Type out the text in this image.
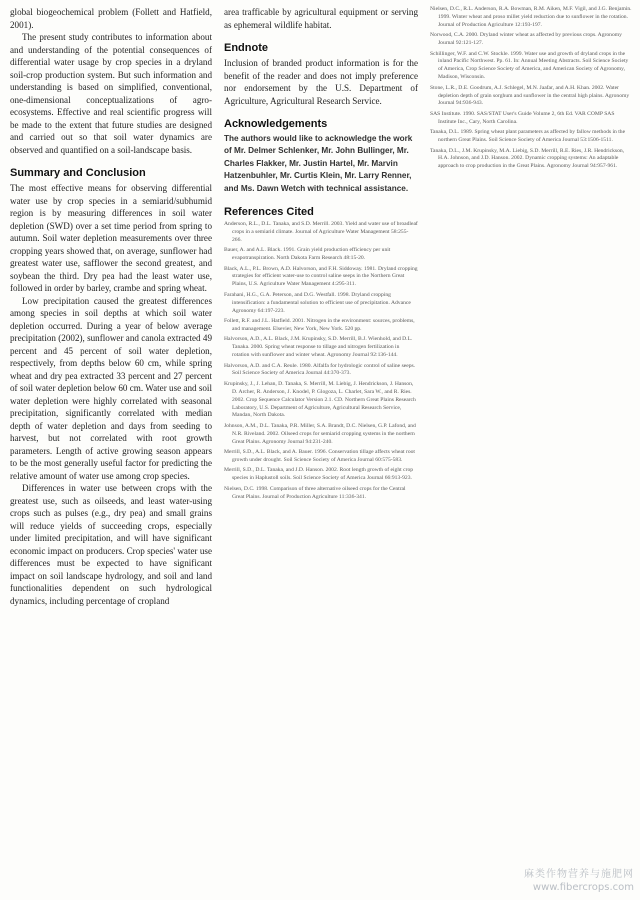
global biogeochemical problem (Follett and Hatfield, 2001).

The present study contributes to information about and understanding of the potential consequences of differential water usage by crop species in a dryland soil-crop production system. But such information and understanding is based on simplified, conventional, one-dimensional conceptualizations of agro-ecosystems. Effective and real scientific progress will be made to the extent that future studies are designed and carried out so that soil water dynamics are observed and quantified on a soil-landscape basis.

Summary and Conclusion

The most effective means for observing differential water use by crop species in a semiarid/subhumid region is by measuring differences in soil water depletion (SWD) over a set time period from spring to autumn. Soil water depletion measurements over three cropping years showed that, on average, sunflower had greatest water use, safflower the second greatest, and soybean the third. Dry pea had the least water use, followed in order by barley, crambe and spring wheat.

Low precipitation caused the greatest differences among species in soil depths at which soil water depletion occurred. During a year of below average precipitation (2002), sunflower and canola extracted 49 percent and 45 percent of soil water depletion, respectively, from depths below 60 cm, while spring wheat and dry pea extracted 33 percent and 27 percent of soil water depletion below 60 cm. Water use and soil water depletion were highly correlated with seasonal precipitation, significantly correlated with median depth of water depletion and days from seeding to harvest, but not correlated with root growth parameters. Length of active growing season appears to be the most generally useful factor for predicting the relative amount of water use among crop species.

Differences in water use between crops with the greatest use, such as oilseeds, and least water-using crops such as pulses (e.g., dry pea) and small grains will reduce yields of succeeding crops, especially under limited precipitation, and will have significant economic impact on producers. Crop species' water use differences must be expected to have significant impact on soil landscape hydrology, and soil and land functionalities dependent on such hydrological dynamics, including percentage of cropland

area trafficable by agricultural equipment or serving as ephemeral wildlife habitat.

Endnote

Inclusion of branded product information is for the benefit of the reader and does not imply preference nor endorsement by the U.S. Department of Agriculture, Agricultural Research Service.

Acknowledgements

The authors would like to acknowledge the work of Mr. Delmer Schlenker, Mr. John Bullinger, Mr. Charles Flakker, Mr. Justin Hartel, Mr. Marvin Hatzenbuhler, Mr. Curtis Klein, Mr. Larry Renner, and Ms. Dawn Wetch with technical assistance.

References Cited

Anderson, R.L., D.L. Tanaka, and S.D. Merrill. 2003. Yield and water use of broadleaf crops in a semiarid climate. Journal of Agriculture Water Management 58:255-266.

Bauer, A. and A.L. Black. 1991. Grain yield production efficiency per unit evapotranspiration. North Dakota Farm Research 48:15-20.

Black, A.L., P.L. Brown, A.D. Halvorson, and F.H. Siddoway. 1981. Dryland cropping strategies for efficient water-use to control saline seeps in the Northern Great Plains, U.S. Agriculture Water Management 4:295-311.

Farahani, H.G., G.A. Peterson, and D.G. Westfall. 1998. Dryland cropping intensification: a fundamental solution to efficient use of precipitation. Advance Agronomy 64:197-223.

Follett, R.F. and J.L. Hatfield. 2001. Nitrogen in the environment: sources, problems, and management. Elsevier, New York, New York. 520 pp.

Halvorson, A.D., A.L. Black, J.M. Krupinsky, S.D. Merrill, B.J. Wienhold, and D.L. Tanaka. 2000. Spring wheat response to tillage and nitrogen fertilization in rotation with sunflower and winter wheat. Agronomy Journal 92:136-144.

Halvorson, A.D. and C.A. Reule. 1980. Alfalfa for hydrologic control of saline seeps. Soil Science Society of America Journal 44:370-373.

Krupinsky, J., J. Lehan, D. Tanaka, S. Merrill, M. Liebig, J. Hendrickson, J. Hanson, D. Archer, R. Anderson, J. Knodel, P. Glogoza, L. Charlet, Sara W., and R. Ries. 2002. Crop Sequence Calculator Version 2.1. CD. Northern Great Plains Research Laboratory, U.S. Department of Agriculture, Agricultural Research Service, Mandan, North Dakota.

Johnson, A.M., D.L. Tanaka, P.R. Miller, S.A. Brandt, D.C. Nielsen, G.P. Lafond, and N.R. Riveland. 2002. Oilseed crops for semiarid cropping systems in the northern Great Plains. Agronomy Journal 94:231-240.

Merrill, S.D., A.L. Black, and A. Bauer. 1996. Conservation tillage affects wheat root growth under drought. Soil Science Society of America Journal 60:575-583.

Merrill, S.D., D.L. Tanaka, and J.D. Hanson. 2002. Root length growth of eight crop species in Haplustoll soils. Soil Science Society of America Journal 66:913-923.

Nielsen, D.C. 1998. Comparison of three alternative oilseed crops for the Central Great Plains. Journal of Production Agriculture 11:336-341.

Nielsen, D.C., R.L. Anderson, R.A. Bowman, R.M. Aiken, M.F. Vigil, and J.G. Benjamin. 1999. Winter wheat and proso millet yield reduction due to sunflower in the rotation. Journal of Production Agriculture 12:193-197.

Norwood, C.A. 2000. Dryland winter wheat as affected by previous crops. Agronomy Journal 92:121-127.

Schillinger, W.F. and C.W. Stockle. 1999. Water use and growth of dryland crops in the inland Pacific Northwest. Pp. 61. In: Annual Meeting Abstracts. Soil Science Society of America, Crop Science Society of America, and American Society of Agronomy, Madison, Wisconsin.

Stone, L.R., D.E. Goodrum, A.J. Schlegel, M.N. Jaafar, and A.H. Khan. 2002. Water depletion depth of grain sorghum and sunflower in the central high plains. Agronomy Journal 94:936-943.

SAS Institute. 1990. SAS/STAT User's Guide Volume 2, 6th Ed. VAR COMP SAS Institute Inc., Cary, North Carolina.

Tanaka, D.L. 1989. Spring wheat plant parameters as affected by fallow methods in the northern Great Plains. Soil Science Society of America Journal 53:1506-1511.

Tanaka, D.L., J.M. Krupinsky, M.A. Liebig, S.D. Merrill, R.E. Ries, J.R. Hendrickson, H.A. Johnson, and J.D. Hanson. 2002. Dynamic cropping systems: An adaptable approach to crop production in the Great Plains. Agronomy Journal 94:957-961.

麻类作物营养与施肥网
www.fibercrops.com
